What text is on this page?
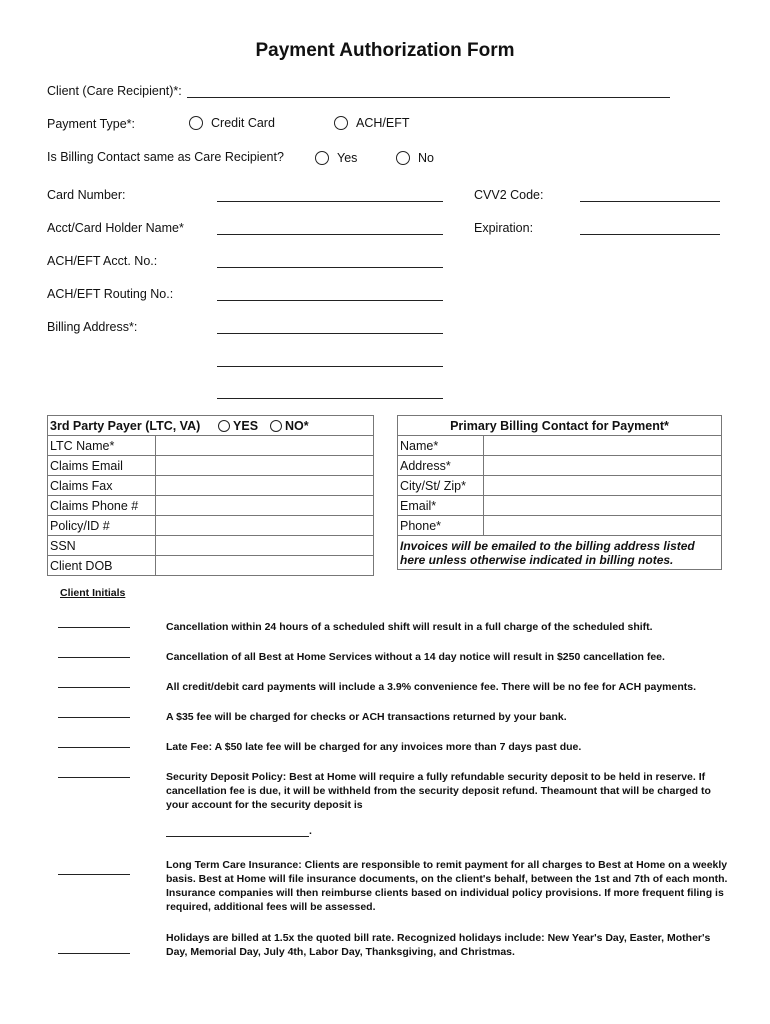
Payment Authorization Form
Client (Care Recipient)*:
Payment Type*:	Credit Card	ACH/EFT
Is Billing Contact same as Care Recipient?	Yes	No
Card Number:
Acct/Card Holder Name*
ACH/EFT Acct. No.:
ACH/EFT Routing No.:
Billing Address*:
CVV2 Code:
Expiration:
3rd Party Payer (LTC, VA) YES NO*	
LTC Name*	
Claims Email	
Claims Fax	
Claims Phone #	
Policy/ID #	
SSN	
Client DOB	
Primary Billing Contact for Payment*	
Name*	
Address*	
City/St/ Zip*	
Email*	
Phone*	
Invoices will be emailed to the billing address listed here unless otherwise indicated in billing notes.	
Client Initials
Cancellation within 24 hours of a scheduled shift will result in a full charge of the scheduled shift.
Cancellation of all Best at Home Services without a 14 day notice will result in $250 cancellation fee.
All credit/debit card payments will include a 3.9% convenience fee. There will be no fee for ACH payments.
A $35 fee will be charged for checks or ACH transactions returned by your bank.
Late Fee: A $50 late fee will be charged for any invoices more than 7 days past due.
Security Deposit Policy: Best at Home will require a fully refundable security deposit to be held in reserve. If cancellation fee is due, it will be withheld from the security deposit refund. Theamount that will be charged to your account for the security deposit is
.
Long Term Care Insurance: Clients are responsible to remit payment for all charges to Best at Home on a weekly basis. Best at Home will file insurance documents, on the client's behalf, between the 1st and 7th of each month. Insurance companies will then reimburse clients based on individual policy provisions. If more frequent filing is required, additional fees will be assessed.
Holidays are billed at 1.5x the quoted bill rate. Recognized holidays include: New Year's Day, Easter, Mother's Day, Memorial Day, July 4th, Labor Day, Thanksgiving, and Christmas.
